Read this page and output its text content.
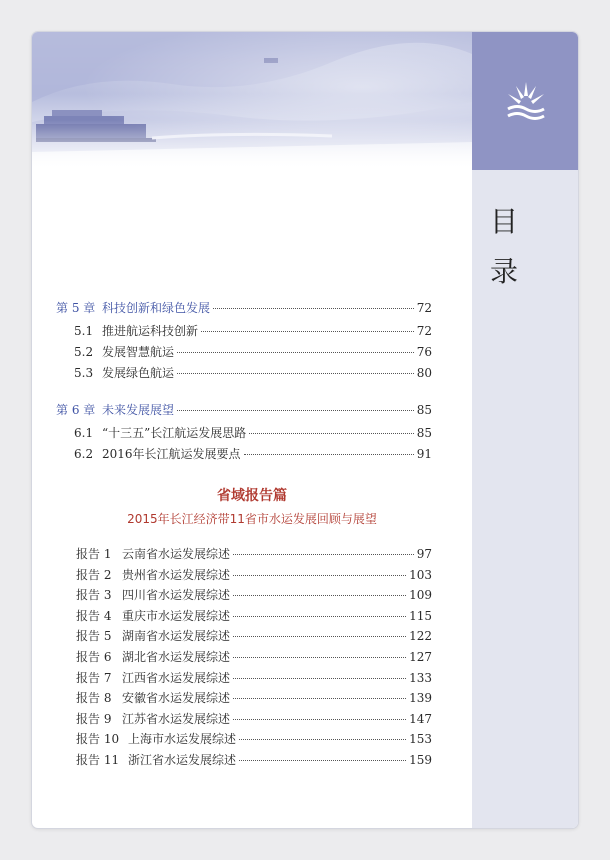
目
录
第 5 章 科技创新和绿色发展	72
5.1 推进航运科技创新	72
5.2 发展智慧航运	76
5.3 发展绿色航运	80
第 6 章 未来发展展望	85
6.1 “十三五”长江航运发展思路	85
6.2 2016年长江航运发展要点	91
省域报告篇
2015年长江经济带11省市水运发展回顾与展望
报告 1 云南省水运发展综述	97
报告 2 贵州省水运发展综述	103
报告 3 四川省水运发展综述	109
报告 4 重庆市水运发展综述	115
报告 5 湖南省水运发展综述	122
报告 6 湖北省水运发展综述	127
报告 7 江西省水运发展综述	133
报告 8 安徽省水运发展综述	139
报告 9 江苏省水运发展综述	147
报告 10 上海市水运发展综述	153
报告 11 浙江省水运发展综述	159
